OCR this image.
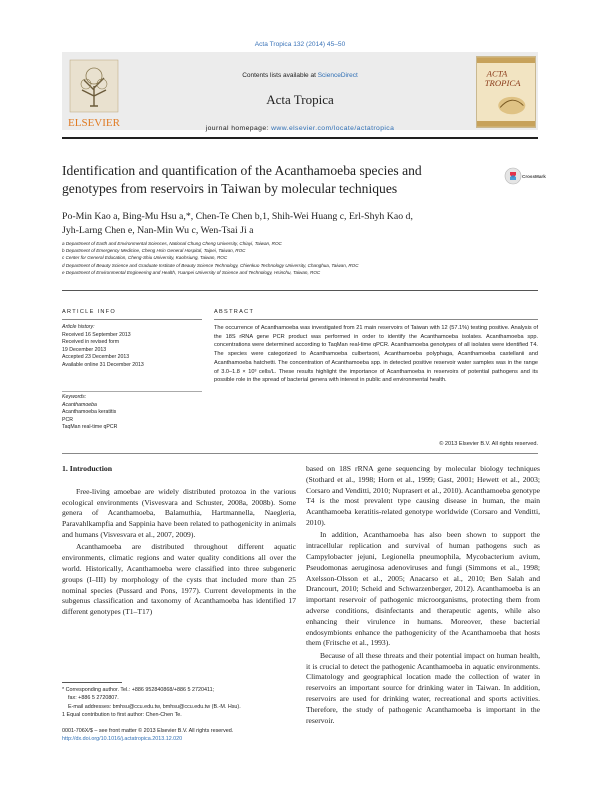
Acta Tropica 132 (2014) 45–50
ELSEVIER
Contents lists available at ScienceDirect
Acta Tropica
ACTA
TROPICA
journal homepage: www.elsevier.com/locate/actatropica
Identification and quantification of the Acanthamoeba species and genotypes from reservoirs in Taiwan by molecular techniques
CrossMark
Po-Min Kao a, Bing-Mu Hsu a,*, Chen-Te Chen b,1, Shih-Wei Huang c, Erl-Shyh Kao d,
Jyh-Larng Chen e, Nan-Min Wu c, Wen-Tsai Ji a
a Department of Earth and Environmental Sciences, National Chung Cheng University, Chiayi, Taiwan, ROC
b Department of Emergency Medicine, Cheng Hsin General Hospital, Taipei, Taiwan, ROC
c Center for General Education, Cheng-Shiu University, Kaohsiung, Taiwan, ROC
d Department of Beauty Science and Graduate Institute of Beauty Science Technology, Chienkuo Technology University, Changhua, Taiwan, ROC
e Department of Environmental Engineering and Health, Yuanpei University of Science and Technology, Hsinchu, Taiwan, ROC
ARTICLE INFO	ABSTRACT
Article history:
Received 16 September 2013
Received in revised form
19 December 2013
Accepted 23 December 2013
Available online 31 December 2013
Keywords:
Acanthamoeba
Acanthamoeba keratitis
PCR
TaqMan real-time qPCR
The occurrence of Acanthamoeba was investigated from 21 main reservoirs of Taiwan with 12 (57.1%) testing positive. Analysis of the 18S rRNA gene PCR product was performed in order to identify the Acanthamoeba isolates. Acanthamoeba spp. concentrations were determined according to TaqMan real-time qPCR. Acanthamoeba genotypes of all isolates were identified T4. The species were categorized to Acanthamoeba culbertsoni, Acanthamoeba polyphaga, Acanthamoeba castellanii and Acanthamoeba hatchetti. The concentration of Acanthamoeba spp. in detected positive reservoir water samples was in the range of 3.0–1.8 × 10³ cells/L. These results highlight the importance of Acanthamoeba in reservoirs of potential pathogens and its possible role in the spread of bacterial genera with interest in public and environmental health.
© 2013 Elsevier B.V. All rights reserved.

1. Introduction

Free-living amoebae are widely distributed protozoa in the various ecological environments (Visvesvara and Schuster, 2008a, 2008b). Some genera of Acanthamoeba, Balamuthia, Hartmannella, Naegleria, Paravahlkampfia and Sappinia have been related to pathogenicity in animals and humans (Visvesvara et al., 2007, 2009).

Acanthamoeba are distributed throughout different aquatic environments, climatic regions and water quality conditions all over the world. Historically, Acanthamoeba were classified into three subgeneric groups (I–III) by morphology of the cysts that included more than 25 nominal species (Pussard and Pons, 1977). Current developments in the subgenus classification and taxonomy of Acanthamoeba has identified 17 different genotypes (T1–T17)

based on 18S rRNA gene sequencing by molecular biology techniques (Stothard et al., 1998; Horn et al., 1999; Gast, 2001; Hewett et al., 2003; Corsaro and Venditti, 2010; Nuprasert et al., 2010). Acanthamoeba genotype T4 is the most prevalent type causing disease in human, the main Acanthamoeba keratitis-related genotype worldwide (Corsaro and Venditti, 2010).

In addition, Acanthamoeba has also been shown to support the intracellular replication and survival of human pathogens such as Campylobacter jejuni, Legionella pneumophila, Mycobacterium avium, Pseudomonas aeruginosa adenoviruses and fungi (Simmons et al., 1998; Axelsson-Olsson et al., 2005; Anacarso et al., 2010; Ben Salah and Drancourt, 2010; Scheid and Schwarzenberger, 2012). Acanthamoeba is an important reservoir of pathogenic microorganisms, protecting them from adverse conditions, disinfectants and therapeutic agents, while also enhancing their virulence in humans. Moreover, these bacterial endosymbionts enhance the pathogenicity of the Acanthamoeba that hosts them (Fritsche et al., 1993).

Because of all these threats and their potential impact on human health, it is crucial to detect the pathogenic Acanthamoeba in aquatic environments. Climatology and geographical location made the collection of water in reservoirs an important source for drinking water in Taiwan. In addition, reservoirs are used for drinking water, recreational and sports activities. Therefore, the study of pathogenic Acanthamoeba is important in the reservoir.

* Corresponding author. Tel.: +886 952840868/+886 5 2720411;
fax: +886 5 2720807.
E-mail addresses: bmhsu@ccu.edu.tw, bmhsu@ccu.edu.tw (B.-M. Hsu).
1 Equal contribution to first author: Chen-Chen Te.
0001-706X/$ – see front matter © 2013 Elsevier B.V. All rights reserved.
http://dx.doi.org/10.1016/j.actatropica.2013.12.020
